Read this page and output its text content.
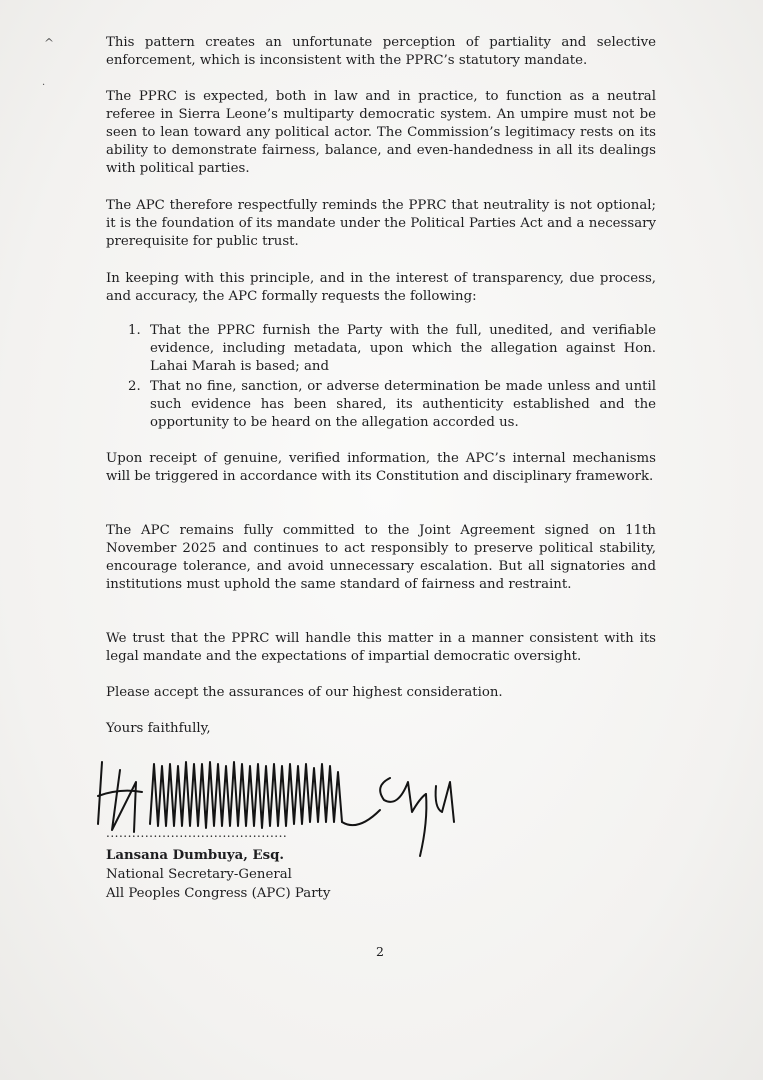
^
·

This pattern creates an unfortunate perception of partiality and selective enforcement, which is inconsistent with the PPRC’s statutory mandate.

The PPRC is expected, both in law and in practice, to function as a neutral referee in Sierra Leone’s multiparty democratic system. An umpire must not be seen to lean toward any political actor. The Commission’s legitimacy rests on its ability to demonstrate fairness, balance, and even-handedness in all its dealings with political parties.

The APC therefore respectfully reminds the PPRC that neutrality is not optional; it is the foundation of its mandate under the Political Parties Act and a necessary prerequisite for public trust.

In keeping with this principle, and in the interest of transparency, due process, and accuracy, the APC formally requests the following:

1. That the PPRC furnish the Party with the full, unedited, and verifiable evidence, including metadata, upon which the allegation against Hon. Lahai Marah is based; and
2. That no fine, sanction, or adverse determination be made unless and until such evidence has been shared, its authenticity established and the opportunity to be heard on the allegation accorded us.

Upon receipt of genuine, verified information, the APC’s internal mechanisms will be triggered in accordance with its Constitution and disciplinary framework.

The APC remains fully committed to the Joint Agreement signed on 11th November 2025 and continues to act responsibly to preserve political stability, encourage tolerance, and avoid unnecessary escalation. But all signatories and institutions must uphold the same standard of fairness and restraint.

We trust that the PPRC will handle this matter in a manner consistent with its legal mandate and the expectations of impartial democratic oversight.

Please accept the assurances of our highest consideration.

Yours faithfully,

..........................................
Lansana Dumbuya, Esq.
National Secretary-General
All Peoples Congress (APC) Party
2
